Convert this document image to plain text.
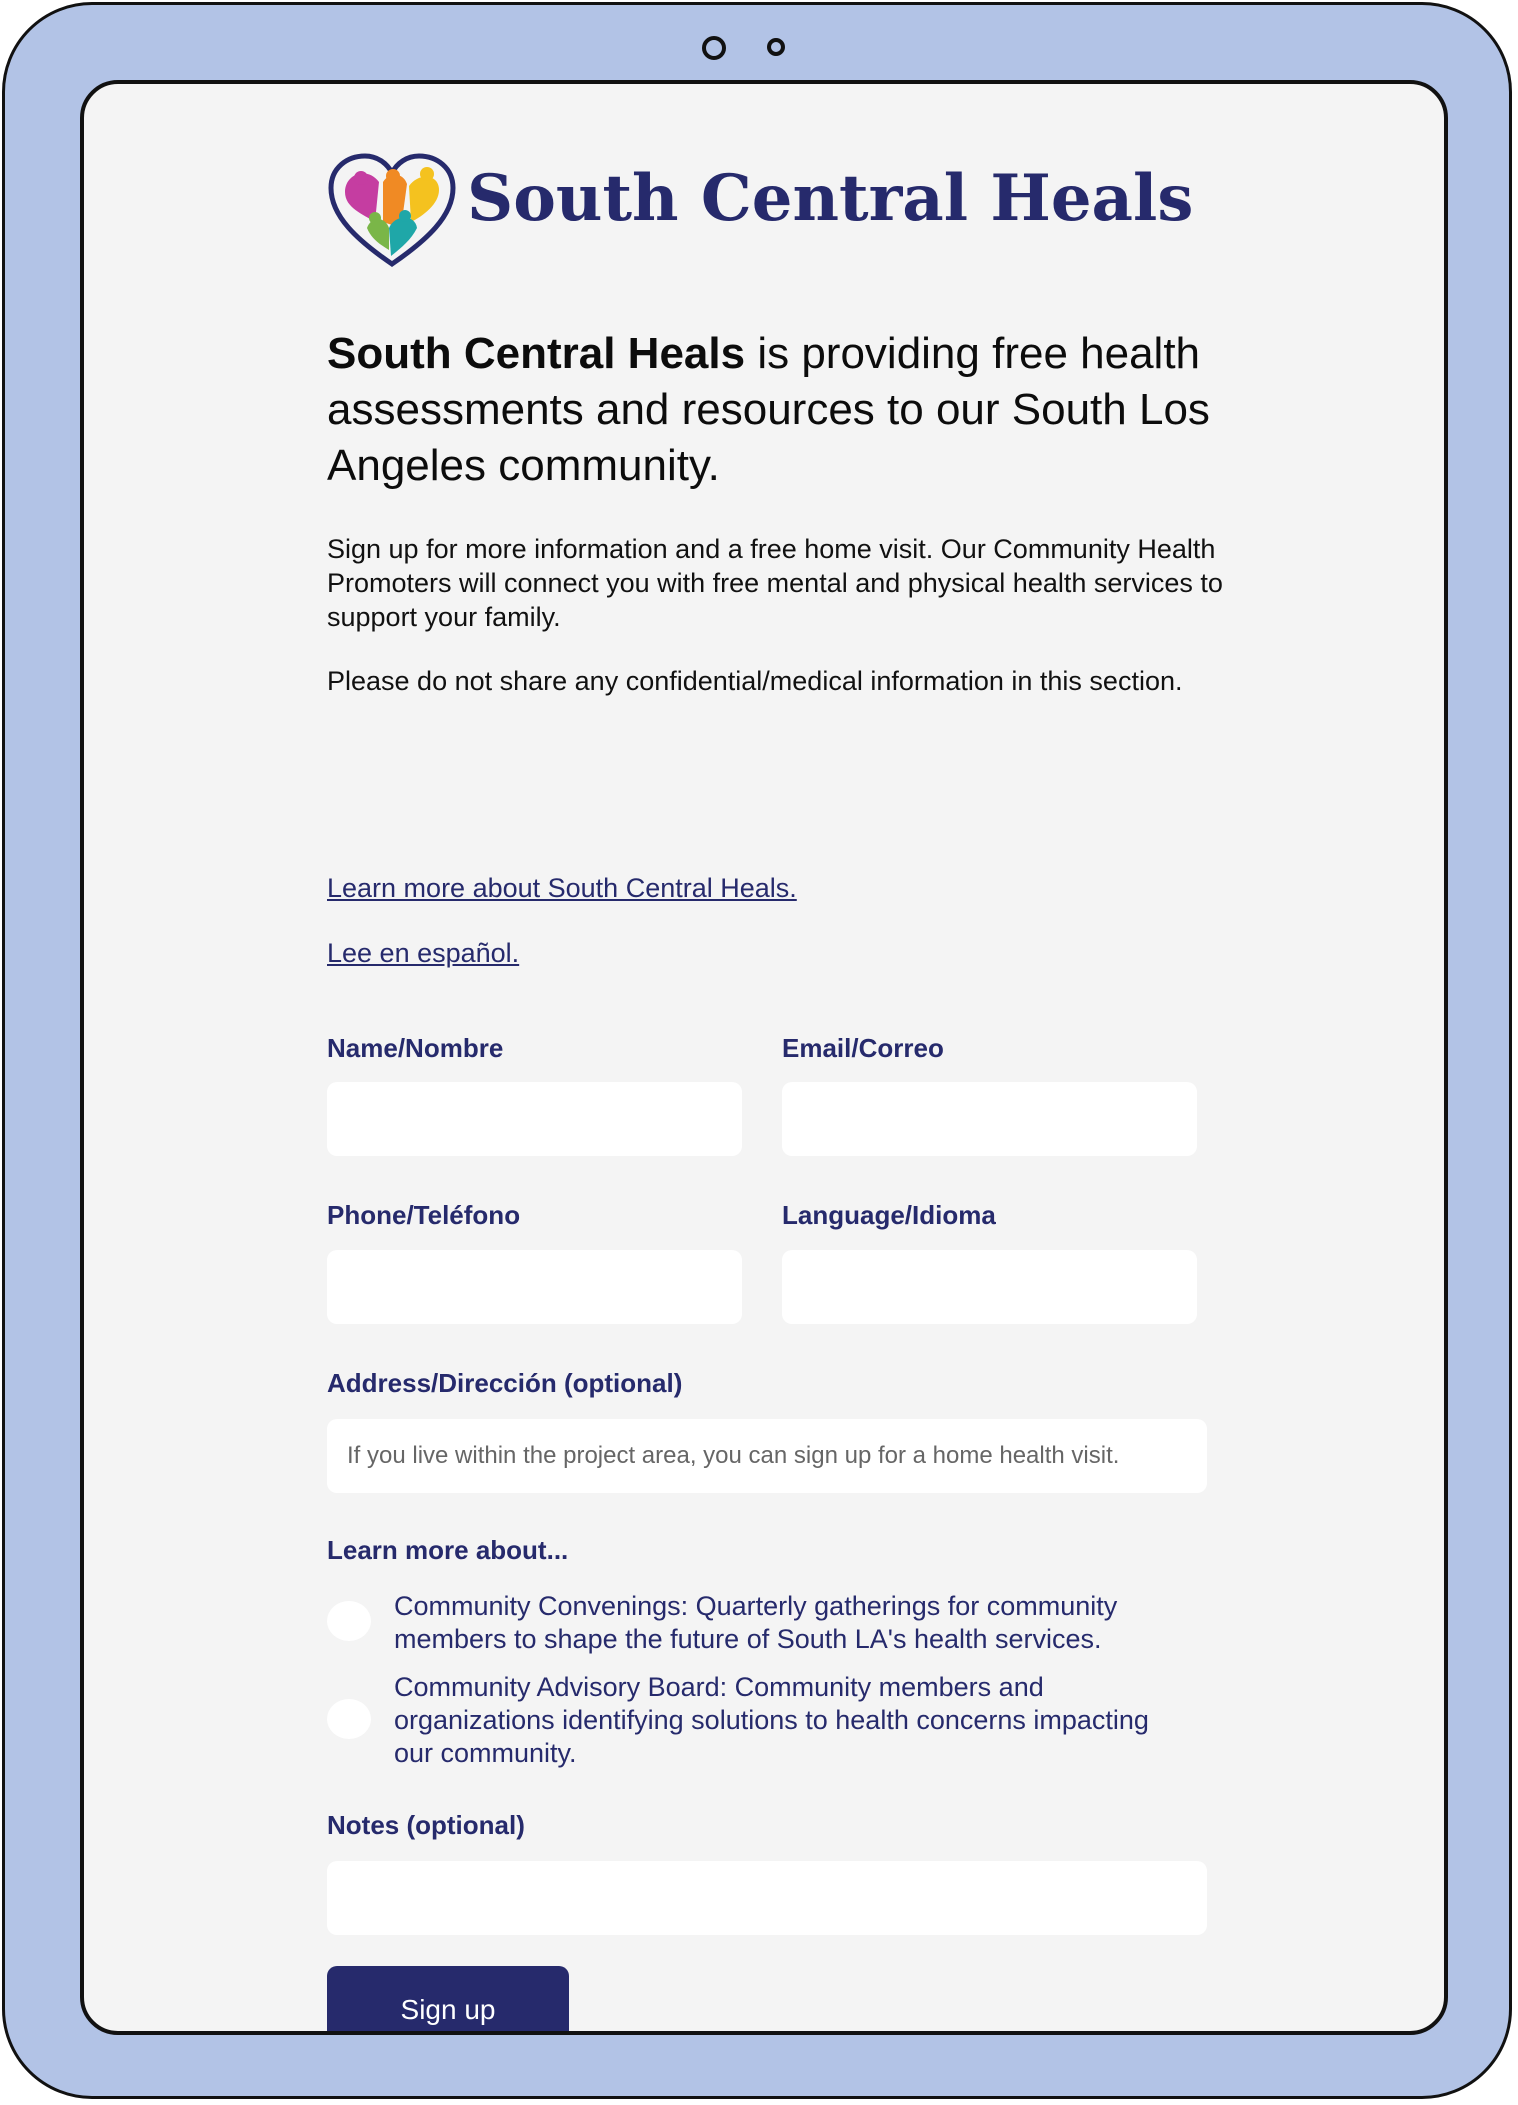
South Central Heals
South Central Heals is providing free health assessments and resources to our South Los Angeles community.

Sign up for more information and a free home visit. Our Community Health Promoters will connect you with free mental and physical health services to support your family.

Please do not share any confidential/medical information in this section.

Learn more about South Central Heals.
Lee en español.
Name/Nombre	Email/Correo
Phone/Teléfono	Language/Idioma
Address/Dirección (optional)
If you live within the project area, you can sign up for a home health visit.
Learn more about...
Community Convenings: Quarterly gatherings for community members to shape the future of South LA's health services.
Community Advisory Board: Community members and organizations identifying solutions to health concerns impacting our community.
Notes (optional)
Sign up
